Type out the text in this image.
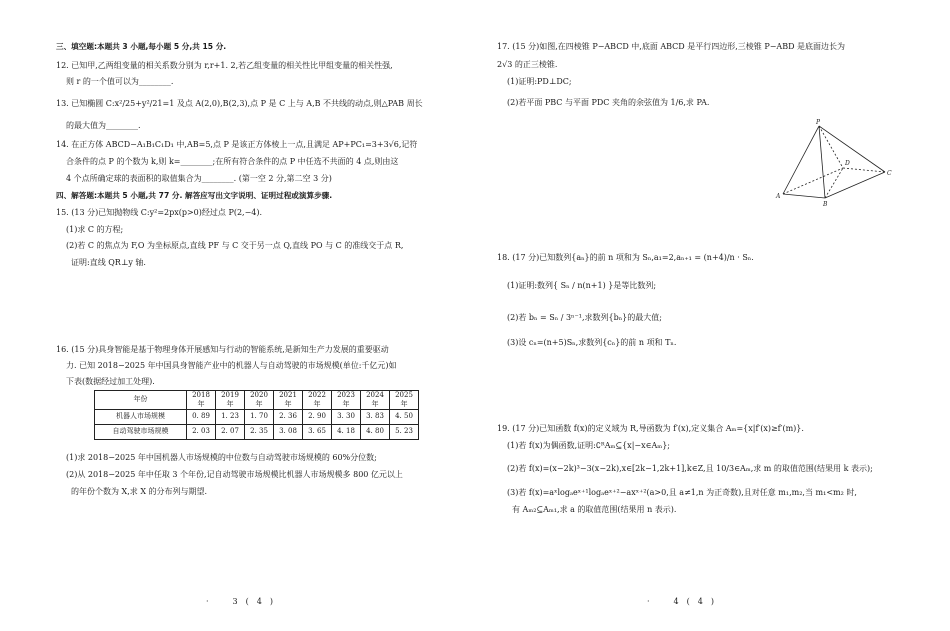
三、填空题:本题共 3 小题,每小题 5 分,共 15 分.
12. 已知甲,乙两组变量的相关系数分别为 r,r+1. 2,若乙组变量的相关性比甲组变量的相关性强,
则 r 的一个值可以为________.
13. 已知椭圆 C:x²/25+y²/21=1 及点 A(2,0),B(2,3),点 P 是 C 上与 A,B 不共线的动点,则△PAB 周长
的最大值为________.
14. 在正方体 ABCD−A₁B₁C₁D₁ 中,AB=5,点 P 是该正方体棱上一点,且满足 AP+PC₁=3+3√6,记符
合条件的点 P 的个数为 k,则 k=________;在所有符合条件的点 P 中任选不共面的 4 点,则由这
4 个点所确定球的表面积的取值集合为________. (第一空 2 分,第二空 3 分)
四、解答题:本题共 5 小题,共 77 分. 解答应写出文字说明、证明过程或演算步骤.
15. (13 分)已知抛物线 C:y²=2px(p>0)经过点 P(2,−4).
(1)求 C 的方程;
(2)若 C 的焦点为 F,O 为坐标原点,直线 PF 与 C 交于另一点 Q,直线 PO 与 C 的准线交于点 R,
证明:直线 QR⊥y 轴.
16. (15 分)具身智能是基于物理身体开展感知与行动的智能系统,是新知生产力发展的重要驱动
力. 已知 2018−2025 年中国具身智能产业中的机器人与自动驾驶的市场规模(单位:千亿元)如
下表(数据经过加工处理).
年份	2018 年	2019 年	2020 年	2021 年	2022 年	2023 年	2024 年	2025 年
机器人市场规模	0. 89	1. 23	1. 70	2. 36	2. 90	3. 30	3. 83	4. 50
自动驾驶市场规模	2. 03	2. 07	2. 35	3. 08	3. 65	4. 18	4. 80	5. 23
(1)求 2018−2025 年中国机器人市场规模的中位数与自动驾驶市场规模的 60%分位数;
(2)从 2018−2025 年中任取 3 个年份,记自动驾驶市场规模比机器人市场规模多 800 亿元以上
的年份个数为 X,求 X 的分布列与期望.
·　　　3　(　4　)
17. (15 分)如图,在四棱锥 P−ABCD 中,底面 ABCD 是平行四边形,三棱锥 P−ABD 是底面边长为
2√3 的正三棱锥.
(1)证明:PD⊥DC;
(2)若平面 PBC 与平面 PDC 夹角的余弦值为 1/6,求 PA.
P
A
B
C
D
18. (17 分)已知数列{aₙ}的前 n 项和为 Sₙ,a₁=2,aₙ₊₁ = (n+4)/n · Sₙ.
(1)证明:数列{ Sₙ / n(n+1) }是等比数列;
(2)若 bₙ = Sₙ / 3ⁿ⁻¹,求数列{bₙ}的最大值;
(3)设 cₙ=(n+5)Sₙ,求数列{cₙ}的前 n 项和 Tₙ.
19. (17 分)已知函数 f(x)的定义域为 R,导函数为 f′(x),定义集合 Aₘ={x|f′(x)≥f′(m)}.
(1)若 f(x)为偶函数,证明:∁ᴿAₘ⊆{x|−x∈Aₘ};
(2)若 f(x)=(x−2k)³−3(x−2k),x∈[2k−1,2k+1],k∈Z,且 10/3∈Aₘ,求 m 的取值范围(结果用 k 表示);
(3)若 f(x)=aˣlogₐeˣ⁺¹logₐeˣ⁺²−axˣ⁺²(a>0,且 a≠1,n 为正奇数),且对任意 m₁,m₂,当 m₁<m₂ 时,
有 Aₘ₂⊆Aₘ₁,求 a 的取值范围(结果用 n 表示).
·　　　4　(　4　)
